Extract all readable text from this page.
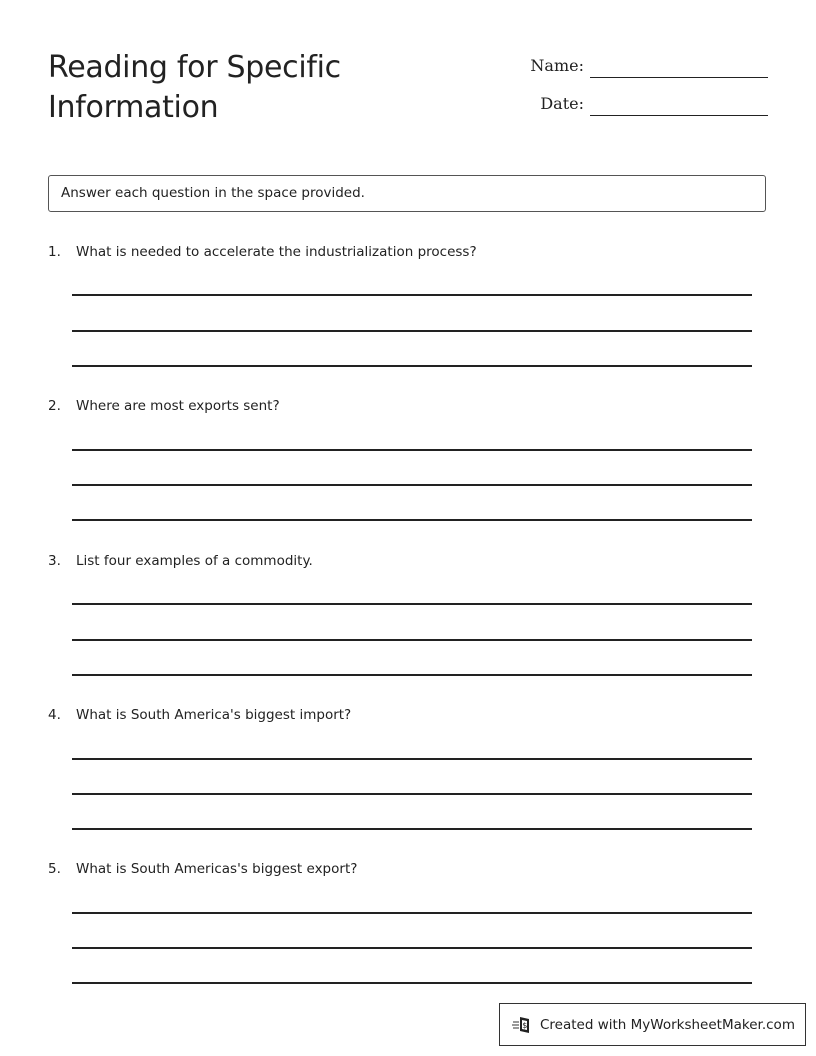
Reading for Specific Information
Name:
Date:
Answer each question in the space provided.
1. What is needed to accelerate the industrialization process?
2. Where are most exports sent?
3. List four examples of a commodity.
4. What is South America's biggest import?
5. What is South Americas's biggest export?
$ Created with MyWorksheetMaker.com
